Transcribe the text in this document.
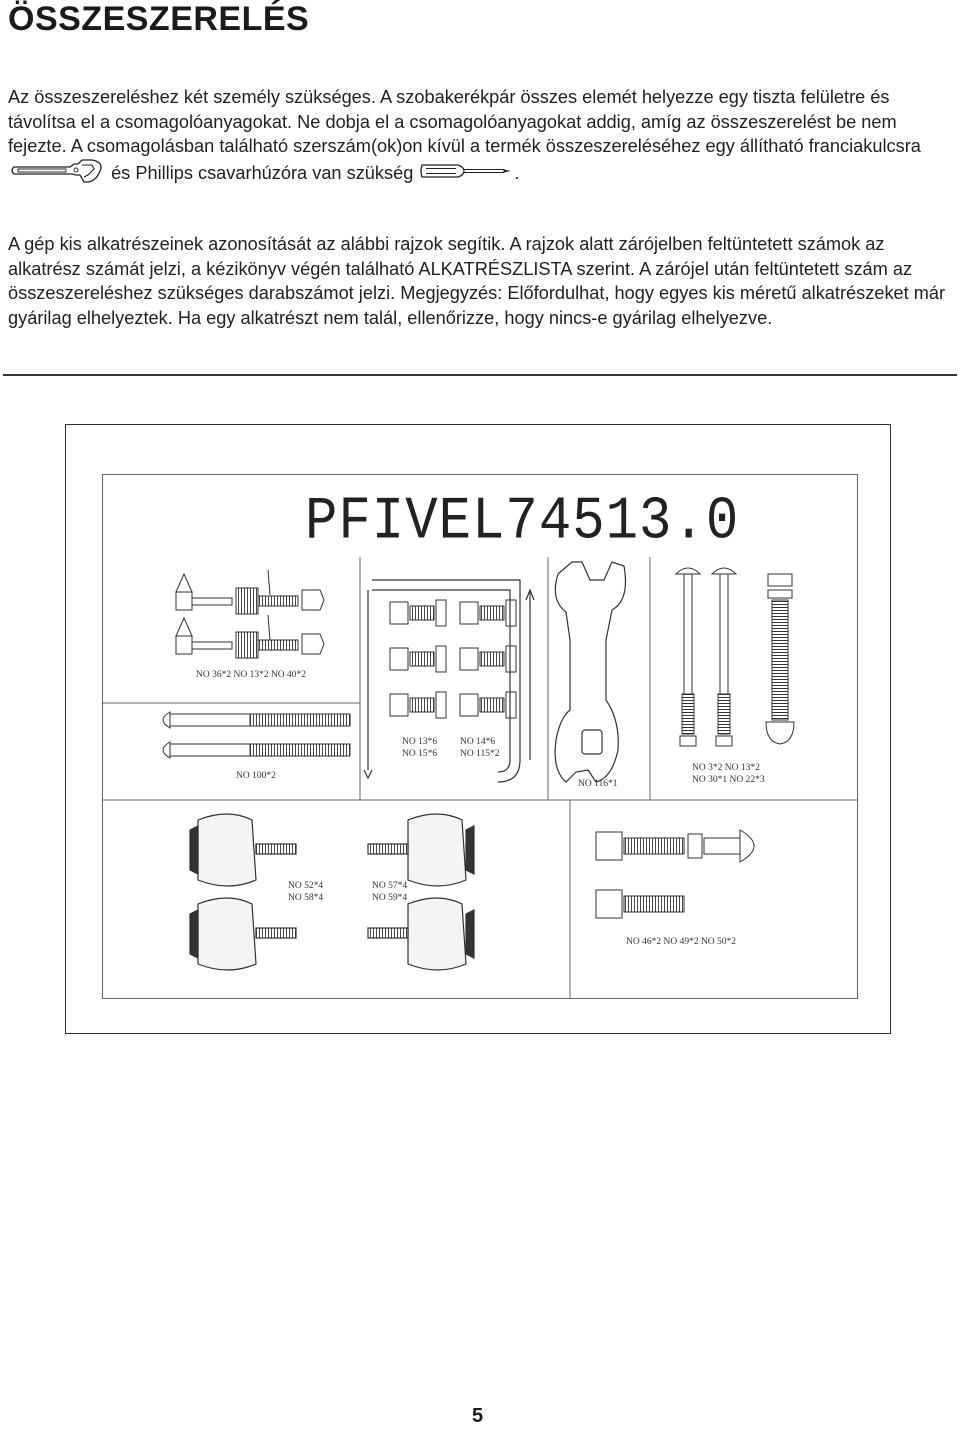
ÖSSZESZERELÉS

Az összeszereléshez két személy szükséges. A szobakerékpár összes elemét helyezze egy tiszta felületre és távolítsa el a csomagolóanyagokat. Ne dobja el a csomagolóanyagokat addig, amíg az összeszerelést be nem fejezte. A csomagolásban található szerszám(ok)on kívül a termék összeszereléséhez egy állítható franciakulcsra  és Phillips csavarhúzóra van szükség	.

A gép kis alkatrészeinek azonosítását az alábbi rajzok segítik. A rajzok alatt zárójelben feltüntetett számok az alkatrész számát jelzi, a kézikönyv végén található ALKATRÉSZLISTA szerint. A zárójel után feltüntetett szám az összeszereléshez szükséges darabszámot jelzi. Megjegyzés: Előfordulhat, hogy egyes kis méretű alkatrészeket már gyárilag elhelyeztek. Ha egy alkatrészt nem talál, ellenőrizze, hogy nincs-e gyárilag elhelyezve.

PFIVEL74513.0
NO 36*2 NO 13*2 NO 40*2
NO 100*2
NO 13*6
NO 15*6
NO 14*6
NO 115*2
NO 116*1
NO 3*2 NO 13*2
NO 30*1 NO 22*3
NO 52*4
NO 58*4
NO 57*4
NO 59*4
NO 46*2 NO 49*2 NO 50*2
5
